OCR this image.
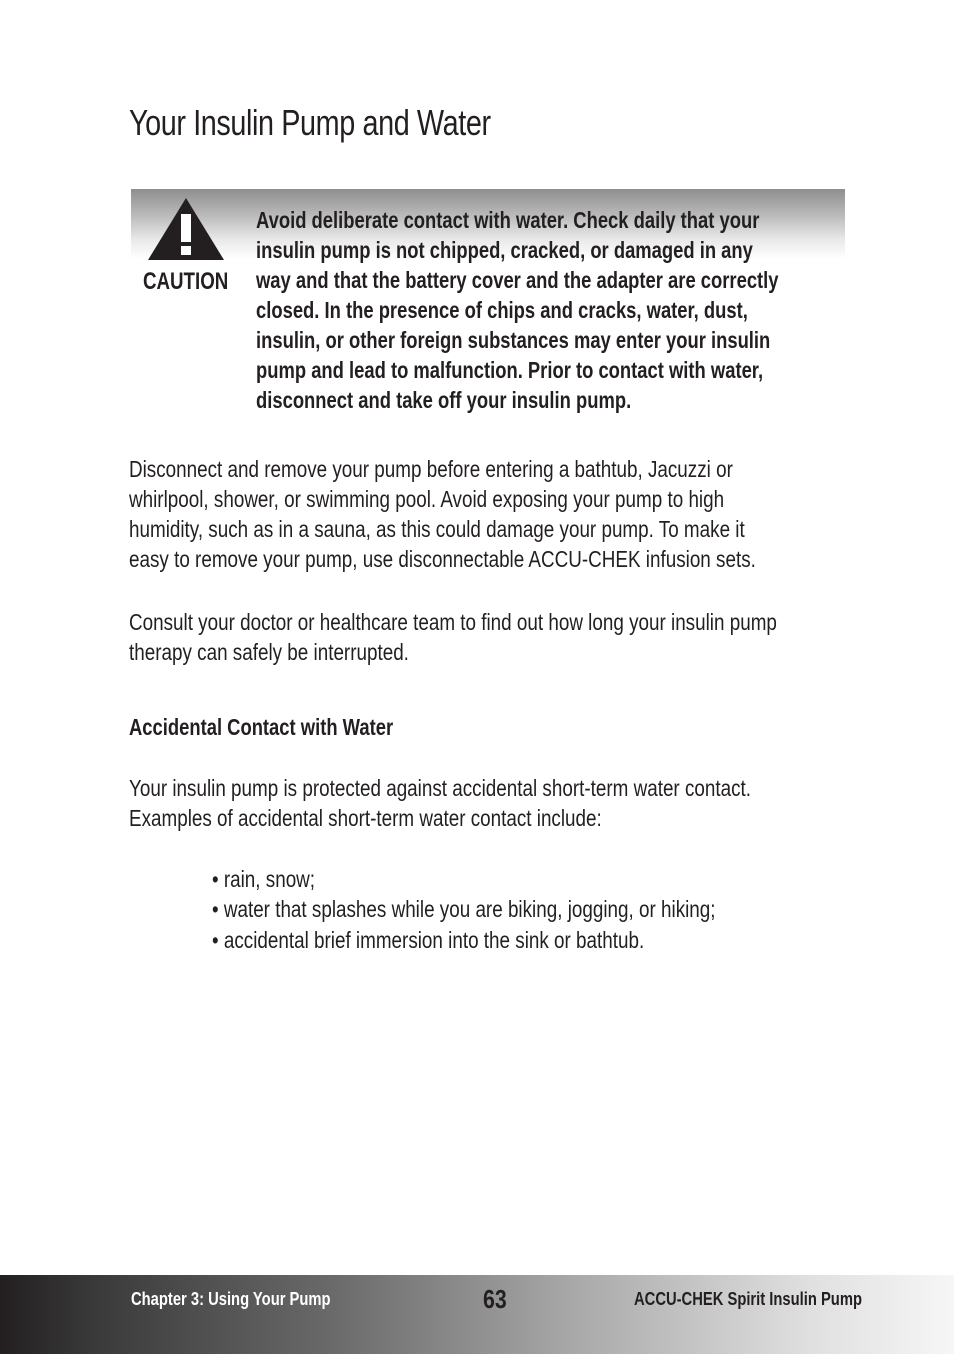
Your Insulin Pump and Water
CAUTION
Avoid deliberate contact with water. Check daily that your
insulin pump is not chipped, cracked, or damaged in any
way and that the battery cover and the adapter are correctly
closed. In the presence of chips and cracks, water, dust,
insulin, or other foreign substances may enter your insulin
pump and lead to malfunction. Prior to contact with water,
disconnect and take off your insulin pump.
Disconnect and remove your pump before entering a bathtub, Jacuzzi or
whirlpool, shower, or swimming pool. Avoid exposing your pump to high
humidity, such as in a sauna, as this could damage your pump. To make it
easy to remove your pump, use disconnectable ACCU-CHEK infusion sets.
Consult your doctor or healthcare team to find out how long your insulin pump
therapy can safely be interrupted.
Accidental Contact with Water
Your insulin pump is protected against accidental short-term water contact.
Examples of accidental short-term water contact include:
• rain, snow;
• water that splashes while you are biking, jogging, or hiking;
• accidental brief immersion into the sink or bathtub.
Chapter 3: Using Your Pump	63	ACCU-CHEK Spirit Insulin Pump
